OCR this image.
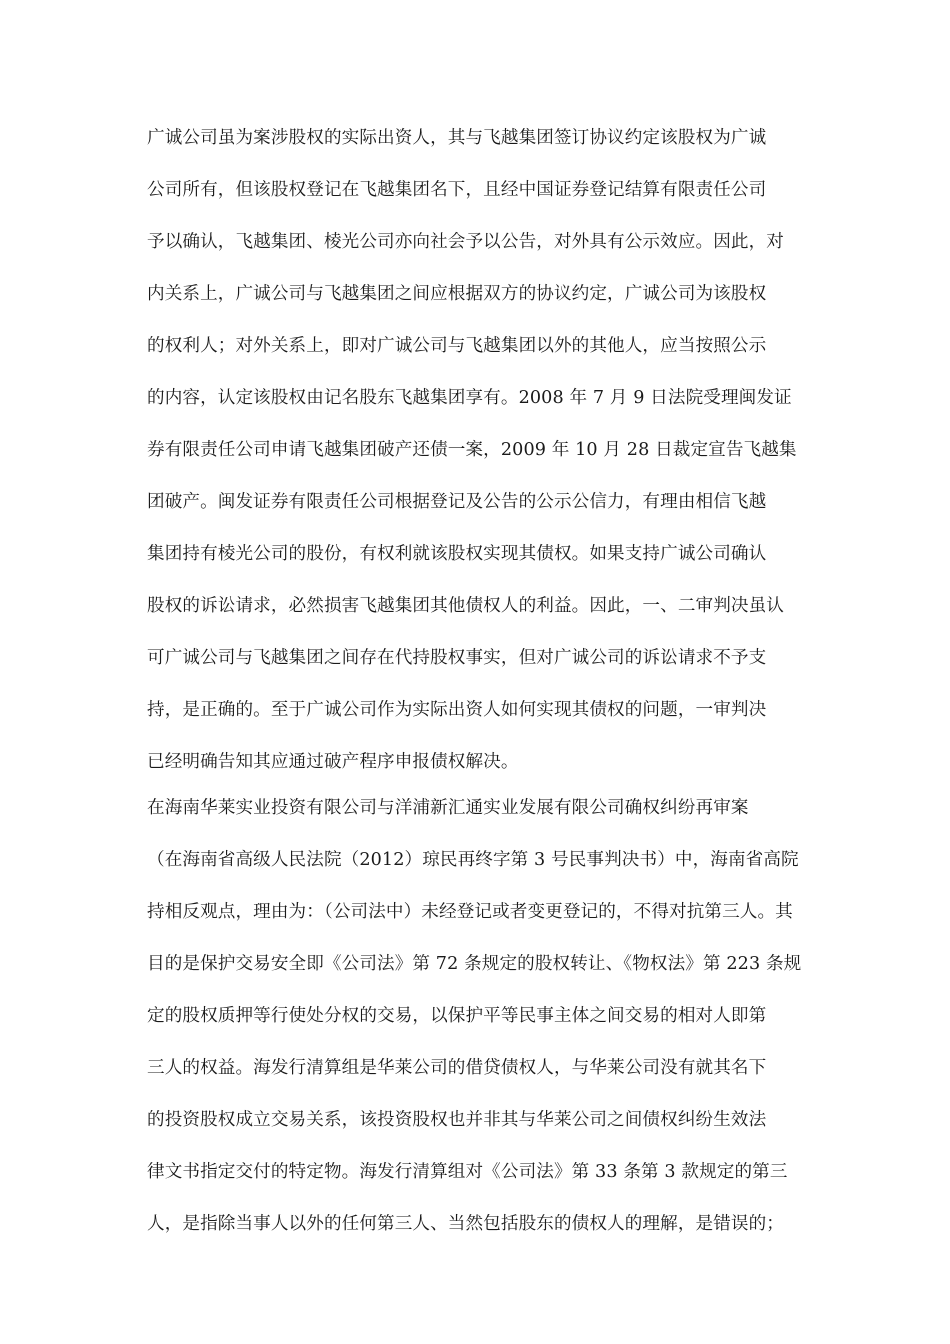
广诚公司虽为案涉股权的实际出资人，其与飞越集团签订协议约定该股权为广诚
公司所有，但该股权登记在飞越集团名下，且经中国证券登记结算有限责任公司
予以确认，飞越集团、棱光公司亦向社会予以公告，对外具有公示效应。因此，对
内关系上，广诚公司与飞越集团之间应根据双方的协议约定，广诚公司为该股权
的权利人；对外关系上，即对广诚公司与飞越集团以外的其他人，应当按照公示
的内容，认定该股权由记名股东飞越集团享有。2008 年 7 月 9 日法院受理闽发证
券有限责任公司申请飞越集团破产还债一案，2009 年 10 月 28 日裁定宣告飞越集
团破产。闽发证券有限责任公司根据登记及公告的公示公信力，有理由相信飞越
集团持有棱光公司的股份，有权利就该股权实现其债权。如果支持广诚公司确认
股权的诉讼请求，必然损害飞越集团其他债权人的利益。因此，一、二审判决虽认
可广诚公司与飞越集团之间存在代持股权事实，但对广诚公司的诉讼请求不予支
持，是正确的。至于广诚公司作为实际出资人如何实现其债权的问题，一审判决
已经明确告知其应通过破产程序申报债权解决。
在海南华莱实业投资有限公司与洋浦新汇通实业发展有限公司确权纠纷再审案
（在海南省高级人民法院（2012）琼民再终字第 3 号民事判决书）中，海南省高院
持相反观点，理由为：（公司法中）未经登记或者变更登记的，不得对抗第三人。其
目的是保护交易安全即《公司法》第 72 条规定的股权转让、《物权法》第 223 条规
定的股权质押等行使处分权的交易，以保护平等民事主体之间交易的相对人即第
三人的权益。海发行清算组是华莱公司的借贷债权人，与华莱公司没有就其名下
的投资股权成立交易关系，该投资股权也并非其与华莱公司之间债权纠纷生效法
律文书指定交付的特定物。海发行清算组对《公司法》第 33 条第 3 款规定的第三
人，是指除当事人以外的任何第三人、当然包括股东的债权人的理解，是错误的；
